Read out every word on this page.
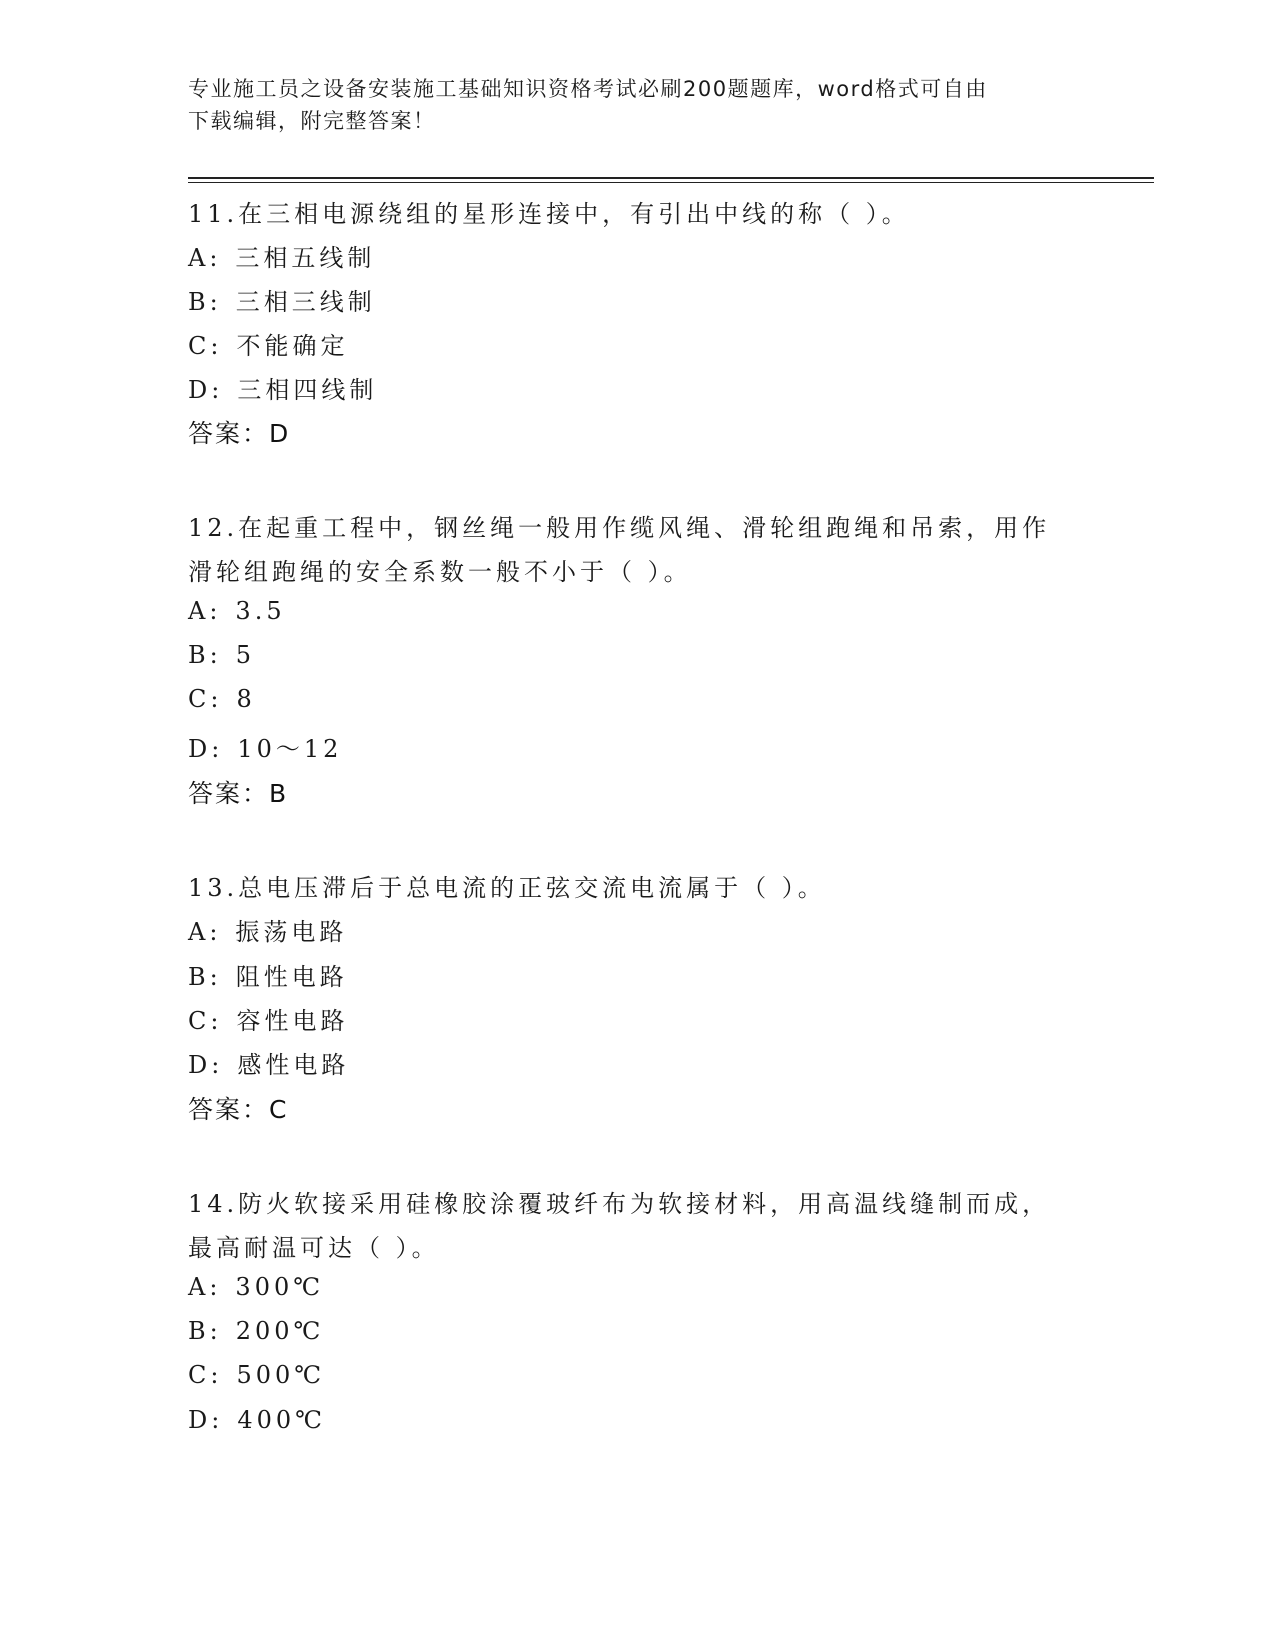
专业施工员之设备安装施工基础知识资格考试必刷200题题库，word格式可自由
下载编辑，附完整答案！
11.在三相电源绕组的星形连接中，有引出中线的称（ ）。
A: 三相五线制
B: 三相三线制
C: 不能确定
D: 三相四线制
答案：D
12.在起重工程中，钢丝绳一般用作缆风绳、滑轮组跑绳和吊索，用作
滑轮组跑绳的安全系数一般不小于（ ）。
A: 3.5
B: 5
C: 8
D: 10～12
答案：B
13.总电压滞后于总电流的正弦交流电流属于（ ）。
A: 振荡电路
B: 阻性电路
C: 容性电路
D: 感性电路
答案：C
14.防火软接采用硅橡胶涂覆玻纤布为软接材料，用高温线缝制而成，
最高耐温可达（ ）。
A: 300℃
B: 200℃
C: 500℃
D: 400℃
